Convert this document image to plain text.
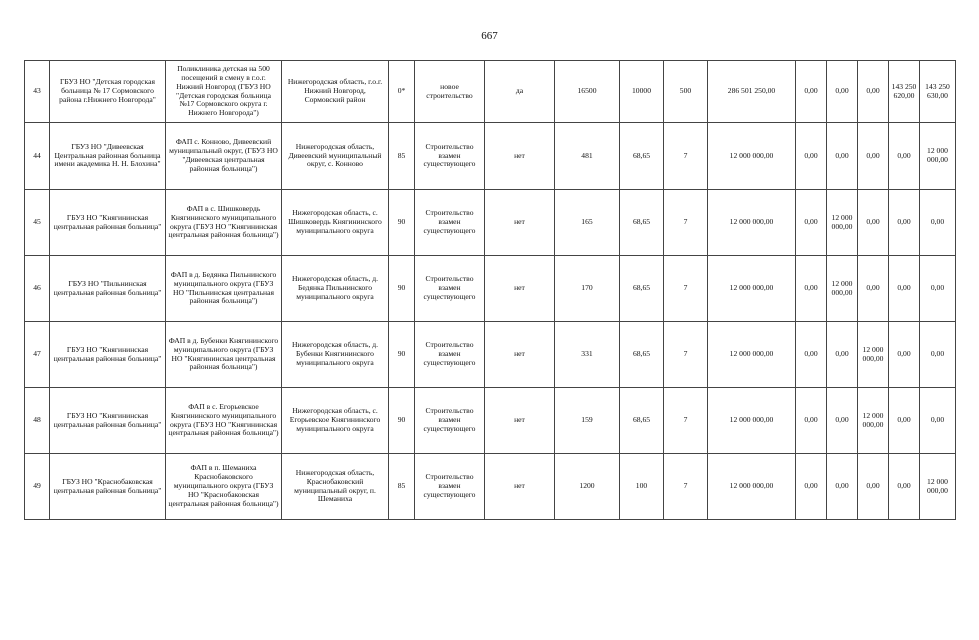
667
43	ГБУЗ НО "Детская городская больница № 17 Сормовского района г.Нижнего Новгорода"	Поликлиника детская на 500 посещений в смену в г.о.г. Нижний Новгород (ГБУЗ НО "Детская городская больница №17 Сормовского округа г. Нижнего Новгорода")	Нижегородская область, г.о.г. Нижний Новгород, Сормовский район	0*	новое строительство	да	16500	10000	500	286 501 250,00	0,00	0,00	0,00	143 250 620,00	143 250 630,00
44	ГБУЗ НО "Дивеевская Центральная районная больница имени академика Н. Н. Блохина"	ФАП с. Конново, Дивеевский муниципальный округ, (ГБУЗ НО "Дивеевская центральная районная больница")	Нижегородская область, Дивеевский муниципальный округ, с. Конново	85	Строительство взамен существующего	нет	481	68,65	7	12 000 000,00	0,00	0,00	0,00	0,00	12 000 000,00
45	ГБУЗ НО "Княгининская центральная районная больница"	ФАП в с. Шишковердь Княгининского муниципального округа (ГБУЗ НО "Княгининская центральная районная больница")	Нижегородская область, с. Шишковердь Княгининского муниципального округа	90	Строительство взамен существующего	нет	165	68,65	7	12 000 000,00	0,00	12 000 000,00	0,00	0,00	0,00
46	ГБУЗ НО "Пильнинская центральная районная больница"	ФАП в д. Бедянка Пильнинского муниципального округа (ГБУЗ НО "Пильнинская центральная районная больница")	Нижегородская область, д. Бедянка Пильнинского муниципального округа	90	Строительство взамен существующего	нет	170	68,65	7	12 000 000,00	0,00	12 000 000,00	0,00	0,00	0,00
47	ГБУЗ НО "Княгининская центральная районная больница"	ФАП в д. Бубенки Княгининского муниципального округа (ГБУЗ НО "Княгининская центральная районная больница")	Нижегородская область, д. Бубенки Княгининского муниципального округа	90	Строительство взамен существующего	нет	331	68,65	7	12 000 000,00	0,00	0,00	12 000 000,00	0,00	0,00
48	ГБУЗ НО "Княгининская центральная районная больница"	ФАП в с. Егорьевское Княгининского муниципального округа (ГБУЗ НО "Княгининская центральная районная больница")	Нижегородская область, с. Егорьевское Княгининского муниципального округа	90	Строительство взамен существующего	нет	159	68,65	7	12 000 000,00	0,00	0,00	12 000 000,00	0,00	0,00
49	ГБУЗ НО "Краснобаковская центральная районная больница"	ФАП в п. Шеманиха Краснобаковского муниципального округа (ГБУЗ НО "Краснобаковская центральная районная больница")	Нижегородская область, Краснобаковский муниципальный округ, п. Шеманиха	85	Строительство взамен существующего	нет	1200	100	7	12 000 000,00	0,00	0,00	0,00	0,00	12 000 000,00
